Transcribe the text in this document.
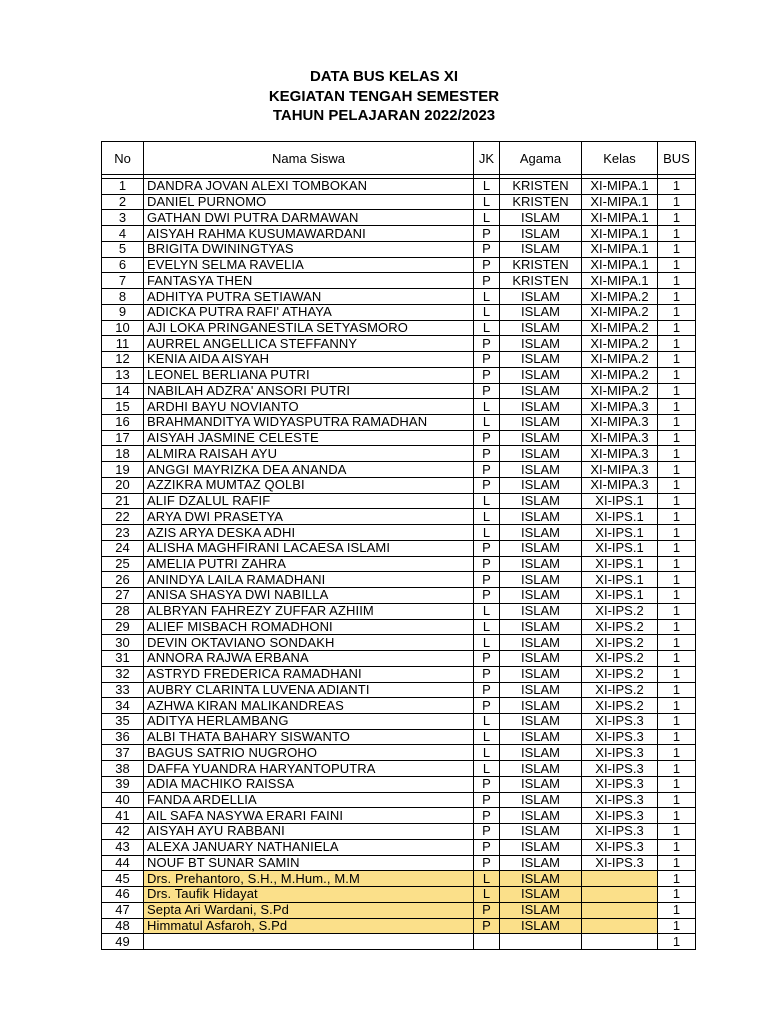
DATA BUS KELAS XI
KEGIATAN TENGAH SEMESTER
TAHUN PELAJARAN 2022/2023
No	Nama Siswa	JK	Agama	Kelas	BUS

1	DANDRA JOVAN ALEXI TOMBOKAN	L	KRISTEN	XI-MIPA.1	1
2	DANIEL PURNOMO	L	KRISTEN	XI-MIPA.1	1
3	GATHAN DWI PUTRA DARMAWAN	L	ISLAM	XI-MIPA.1	1
4	AISYAH RAHMA KUSUMAWARDANI	P	ISLAM	XI-MIPA.1	1
5	BRIGITA DWININGTYAS	P	ISLAM	XI-MIPA.1	1
6	EVELYN SELMA RAVELIA	P	KRISTEN	XI-MIPA.1	1
7	FANTASYA THEN	P	KRISTEN	XI-MIPA.1	1
8	ADHITYA PUTRA SETIAWAN	L	ISLAM	XI-MIPA.2	1
9	ADICKA PUTRA RAFI' ATHAYA	L	ISLAM	XI-MIPA.2	1
10	AJI LOKA PRINGANESTILA SETYASMORO	L	ISLAM	XI-MIPA.2	1
11	AURREL ANGELLICA STEFFANNY	P	ISLAM	XI-MIPA.2	1
12	KENIA AIDA AISYAH	P	ISLAM	XI-MIPA.2	1
13	LEONEL BERLIANA PUTRI	P	ISLAM	XI-MIPA.2	1
14	NABILAH ADZRA' ANSORI PUTRI	P	ISLAM	XI-MIPA.2	1
15	ARDHI BAYU NOVIANTO	L	ISLAM	XI-MIPA.3	1
16	BRAHMANDITYA WIDYASPUTRA RAMADHAN	L	ISLAM	XI-MIPA.3	1
17	AISYAH JASMINE CELESTE	P	ISLAM	XI-MIPA.3	1
18	ALMIRA RAISAH AYU	P	ISLAM	XI-MIPA.3	1
19	ANGGI MAYRIZKA DEA ANANDA	P	ISLAM	XI-MIPA.3	1
20	AZZIKRA MUMTAZ QOLBI	P	ISLAM	XI-MIPA.3	1
21	ALIF DZALUL RAFIF	L	ISLAM	XI-IPS.1	1
22	ARYA DWI PRASETYA	L	ISLAM	XI-IPS.1	1
23	AZIS ARYA DESKA ADHI	L	ISLAM	XI-IPS.1	1
24	ALISHA MAGHFIRANI LACAESA ISLAMI	P	ISLAM	XI-IPS.1	1
25	AMELIA PUTRI ZAHRA	P	ISLAM	XI-IPS.1	1
26	ANINDYA LAILA RAMADHANI	P	ISLAM	XI-IPS.1	1
27	ANISA SHASYA DWI NABILLA	P	ISLAM	XI-IPS.1	1
28	ALBRYAN FAHREZY ZUFFAR AZHIIM	L	ISLAM	XI-IPS.2	1
29	ALIEF MISBACH ROMADHONI	L	ISLAM	XI-IPS.2	1
30	DEVIN OKTAVIANO SONDAKH	L	ISLAM	XI-IPS.2	1
31	ANNORA RAJWA ERBANA	P	ISLAM	XI-IPS.2	1
32	ASTRYD FREDERICA RAMADHANI	P	ISLAM	XI-IPS.2	1
33	AUBRY CLARINTA LUVENA ADIANTI	P	ISLAM	XI-IPS.2	1
34	AZHWA KIRAN MALIKANDREAS	P	ISLAM	XI-IPS.2	1
35	ADITYA HERLAMBANG	L	ISLAM	XI-IPS.3	1
36	ALBI THATA BAHARY SISWANTO	L	ISLAM	XI-IPS.3	1
37	BAGUS SATRIO NUGROHO	L	ISLAM	XI-IPS.3	1
38	DAFFA YUANDRA HARYANTOPUTRA	L	ISLAM	XI-IPS.3	1
39	ADIA MACHIKO RAISSA	P	ISLAM	XI-IPS.3	1
40	FANDA ARDELLIA	P	ISLAM	XI-IPS.3	1
41	AIL SAFA NASYWA ERARI FAINI	P	ISLAM	XI-IPS.3	1
42	AISYAH AYU RABBANI	P	ISLAM	XI-IPS.3	1
43	ALEXA JANUARY NATHANIELA	P	ISLAM	XI-IPS.3	1
44	NOUF BT SUNAR SAMIN	P	ISLAM	XI-IPS.3	1
45	Drs. Prehantoro, S.H., M.Hum., M.M	L	ISLAM		1
46	Drs. Taufik Hidayat	L	ISLAM		1
47	Septa Ari Wardani, S.Pd	P	ISLAM		1
48	Himmatul Asfaroh, S.Pd	P	ISLAM		1
49					1
